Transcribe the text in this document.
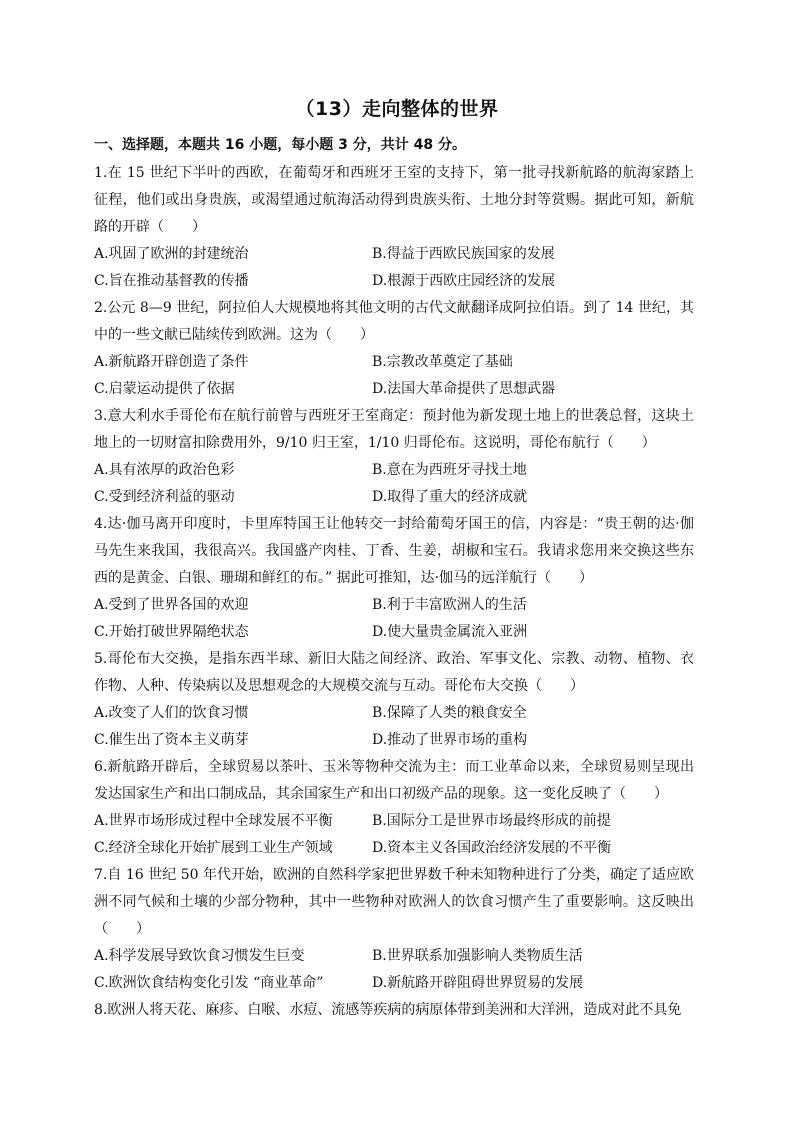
（13）走向整体的世界
一、选择题，本题共 16 小题，每小题 3 分，共计 48 分。

1.在 15 世纪下半叶的西欧，在葡萄牙和西班牙王室的支持下，第一批寻找新航路的航海家踏上征程，他们或出身贵族，或渴望通过航海活动得到贵族头衔、土地分封等赏赐。据此可知，新航路的开辟（　　）

A.巩固了欧洲的封建统治	B.得益于西欧民族国家的发展
C.旨在推动基督教的传播	D.根源于西欧庄园经济的发展

2.公元 8—9 世纪，阿拉伯人大规模地将其他文明的古代文献翻译成阿拉伯语。到了 14 世纪，其中的一些文献已陆续传到欧洲。这为（　　）

A.新航路开辟创造了条件	B.宗教改革奠定了基础
C.启蒙运动提供了依据	D.法国大革命提供了思想武器

3.意大利水手哥伦布在航行前曾与西班牙王室商定：预封他为新发现土地上的世袭总督，这块土地上的一切财富扣除费用外，9/10 归王室，1/10 归哥伦布。这说明，哥伦布航行（　　）

A.具有浓厚的政治色彩	B.意在为西班牙寻找土地
C.受到经济利益的驱动	D.取得了重大的经济成就

4.达·伽马离开印度时，卡里库特国王让他转交一封给葡萄牙国王的信，内容是：“贵王朝的达·伽马先生来我国，我很高兴。我国盛产肉桂、丁香、生姜，胡椒和宝石。我请求您用来交换这些东西的是黄金、白银、珊瑚和鲜红的布。” 据此可推知，达·伽马的远洋航行（　　）

A.受到了世界各国的欢迎	B.利于丰富欧洲人的生活
C.开始打破世界隔绝状态	D.使大量贵金属流入亚洲

5.哥伦布大交换，是指东西半球、新旧大陆之间经济、政治、军事文化、宗教、动物、植物、衣作物、人种、传染病以及思想观念的大规模交流与互动。哥伦布大交换（　　）

A.改变了人们的饮食习惯	B.保障了人类的粮食安全
C.催生出了资本主义萌芽	D.推动了世界市场的重构

6.新航路开辟后，全球贸易以茶叶、玉米等物种交流为主：而工业革命以来，全球贸易则呈现出发达国家生产和出口制成品，其余国家生产和出口初级产品的现象。这一变化反映了（　　）

A.世界市场形成过程中全球发展不平衡	B.国际分工是世界市场最终形成的前提
C.经济全球化开始扩展到工业生产领域	D.资本主义各国政治经济发展的不平衡

7.自 16 世纪 50 年代开始，欧洲的自然科学家把世界数千种未知物种进行了分类，确定了适应欧洲不同气候和土壤的少部分物种，其中一些物种对欧洲人的饮食习惯产生了重要影响。这反映出（　　）

A.科学发展导致饮食习惯发生巨变	B.世界联系加强影响人类物质生活
C.欧洲饮食结构变化引发 “商业革命”	D.新航路开辟阻碍世界贸易的发展

8.欧洲人将天花、麻疹、白喉、水痘、流感等疾病的病原体带到美洲和大洋洲，造成对此不具免
